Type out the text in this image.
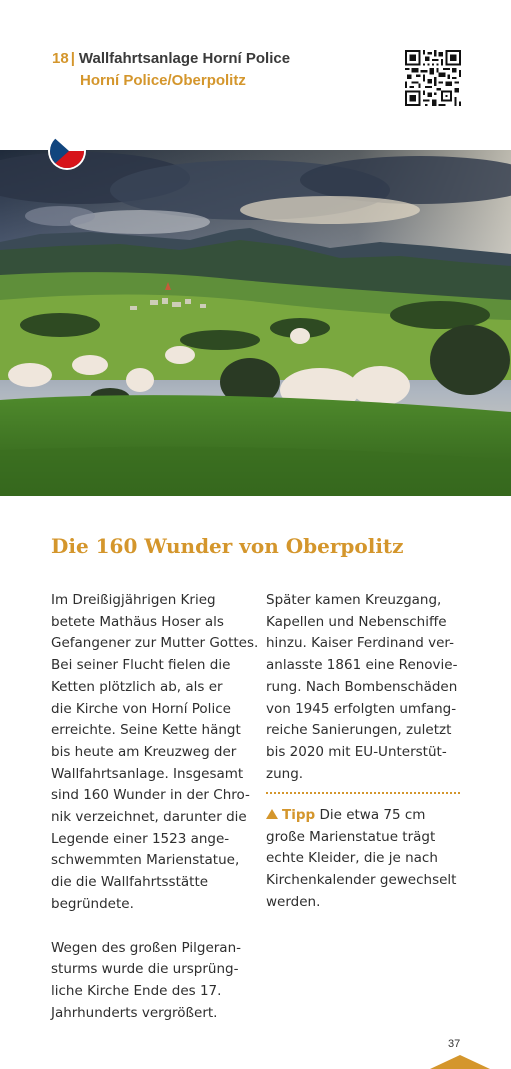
18 | Wallfahrtsanlage Horní Police
Horní Police/Oberpolitz
Die 160 Wunder von Oberpolitz

Im Dreißigjährigen Krieg

betete Mathäus Hoser als

Gefangener zur Mutter Gottes.

Bei seiner Flucht fielen die

Ketten plötzlich ab, als er

die Kirche von Horní Police

erreichte. Seine Kette hängt

bis heute am Kreuzweg der

Wallfahrtsanlage. Insgesamt

sind 160 Wunder in der Chro-

nik verzeichnet, darunter die

Legende einer 1523 ange-

schwemmten Marienstatue,

die die Wallfahrtsstätte

begründete.

Wegen des großen Pilgeran-

sturms wurde die ursprüng-

liche Kirche Ende des 17.

Jahrhunderts vergrößert.

Später kamen Kreuzgang,

Kapellen und Nebenschiffe

hinzu. Kaiser Ferdinand ver-

anlasste 1861 eine Renovie-

rung. Nach Bombenschäden

von 1945 erfolgten umfang-

reiche Sanierungen, zuletzt

bis 2020 mit EU-Unterstüt-

zung.

Tipp Die etwa 75 cm

große Marienstatue trägt

echte Kleider, die je nach

Kirchenkalender gewechselt

werden.

37
